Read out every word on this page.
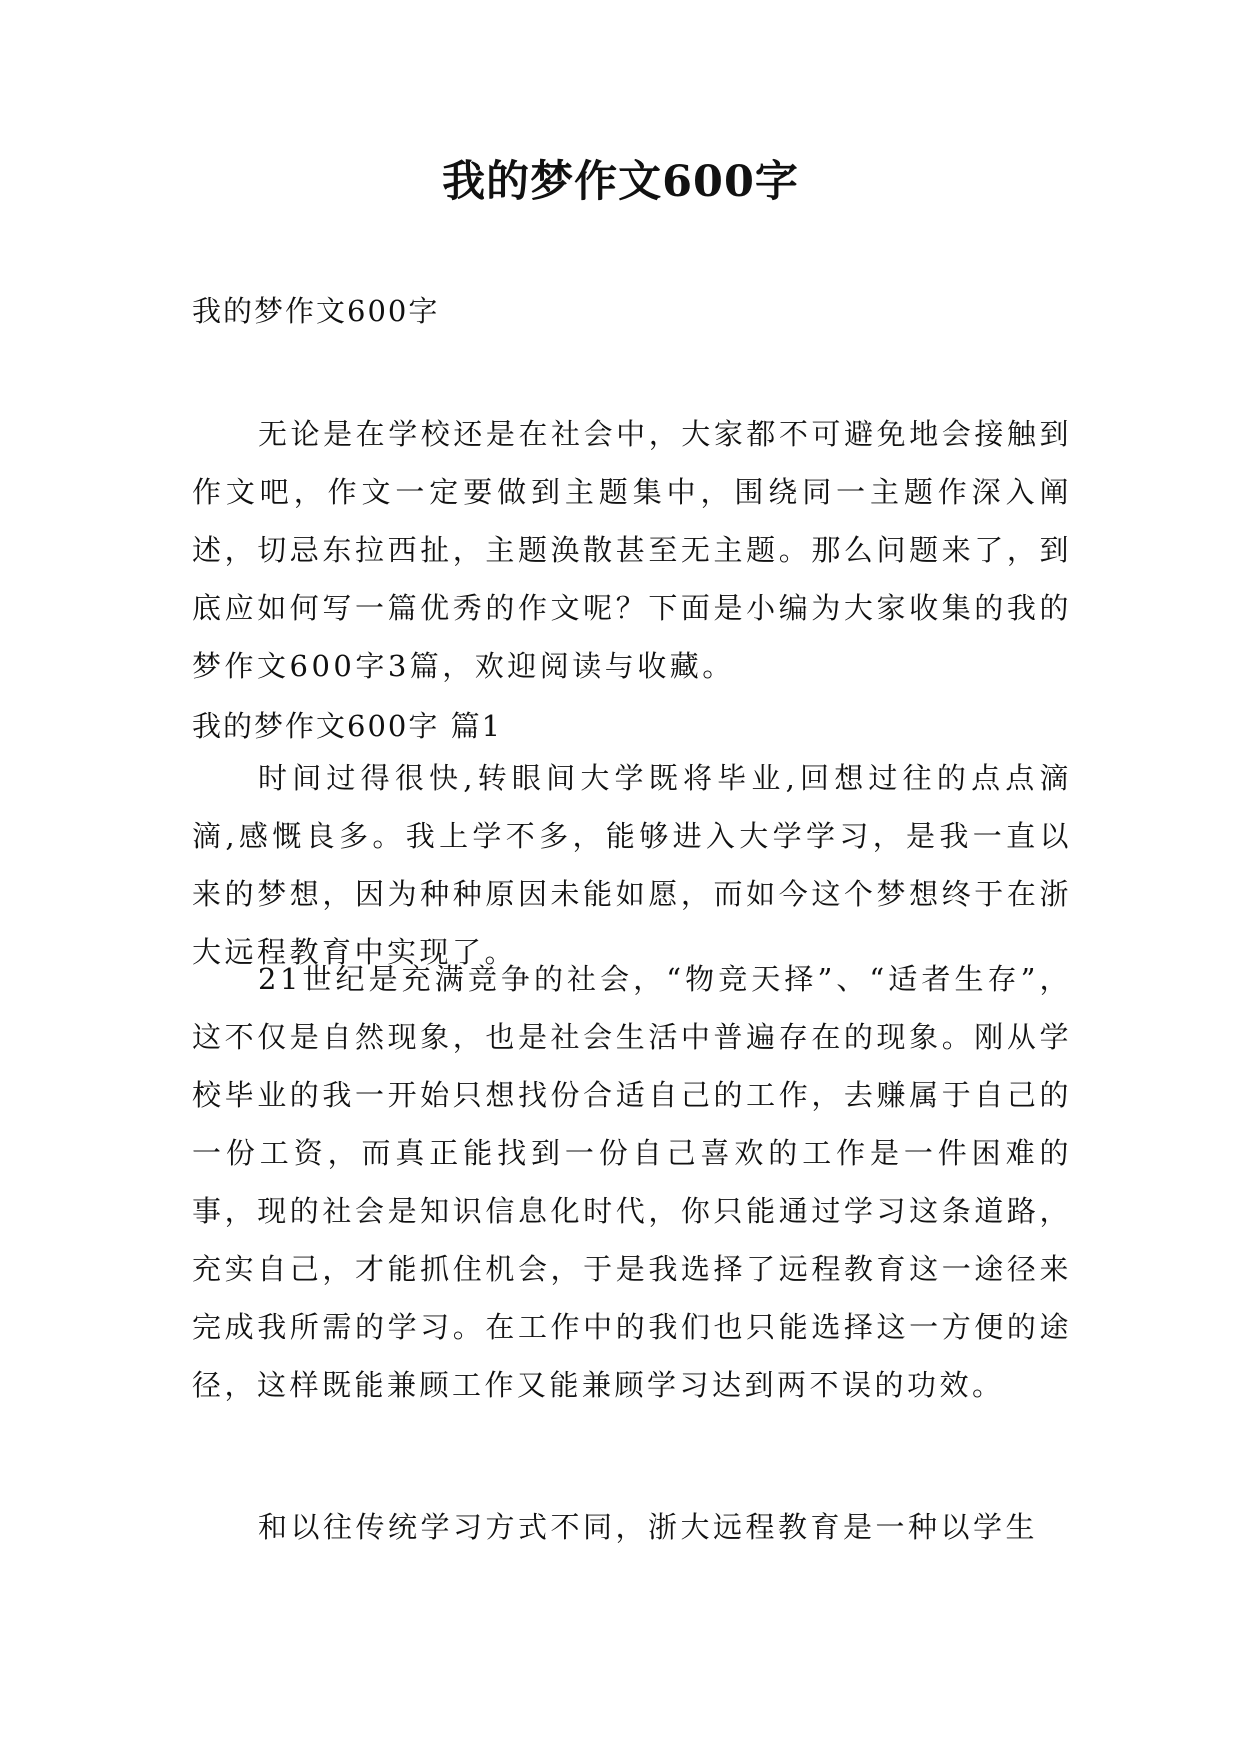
我的梦作文600字

我的梦作文600字

无论是在学校还是在社会中，大家都不可避免地会接触到作文吧，作文一定要做到主题集中，围绕同一主题作深入阐述，切忌东拉西扯，主题涣散甚至无主题。那么问题来了，到底应如何写一篇优秀的作文呢？下面是小编为大家收集的我的梦作文600字3篇，欢迎阅读与收藏。

我的梦作文600字 篇1

时间过得很快,转眼间大学既将毕业,回想过往的点点滴滴,感慨良多。我上学不多，能够进入大学学习，是我一直以来的梦想，因为种种原因未能如愿，而如今这个梦想终于在浙大远程教育中实现了。

21世纪是充满竞争的社会，“物竞天择”、“适者生存”，这不仅是自然现象，也是社会生活中普遍存在的现象。刚从学校毕业的我一开始只想找份合适自己的工作，去赚属于自己的一份工资，而真正能找到一份自己喜欢的工作是一件困难的事，现的社会是知识信息化时代，你只能通过学习这条道路，充实自己，才能抓住机会，于是我选择了远程教育这一途径来完成我所需的学习。在工作中的我们也只能选择这一方便的途径，这样既能兼顾工作又能兼顾学习达到两不误的功效。

和以往传统学习方式不同，浙大远程教育是一种以学生
